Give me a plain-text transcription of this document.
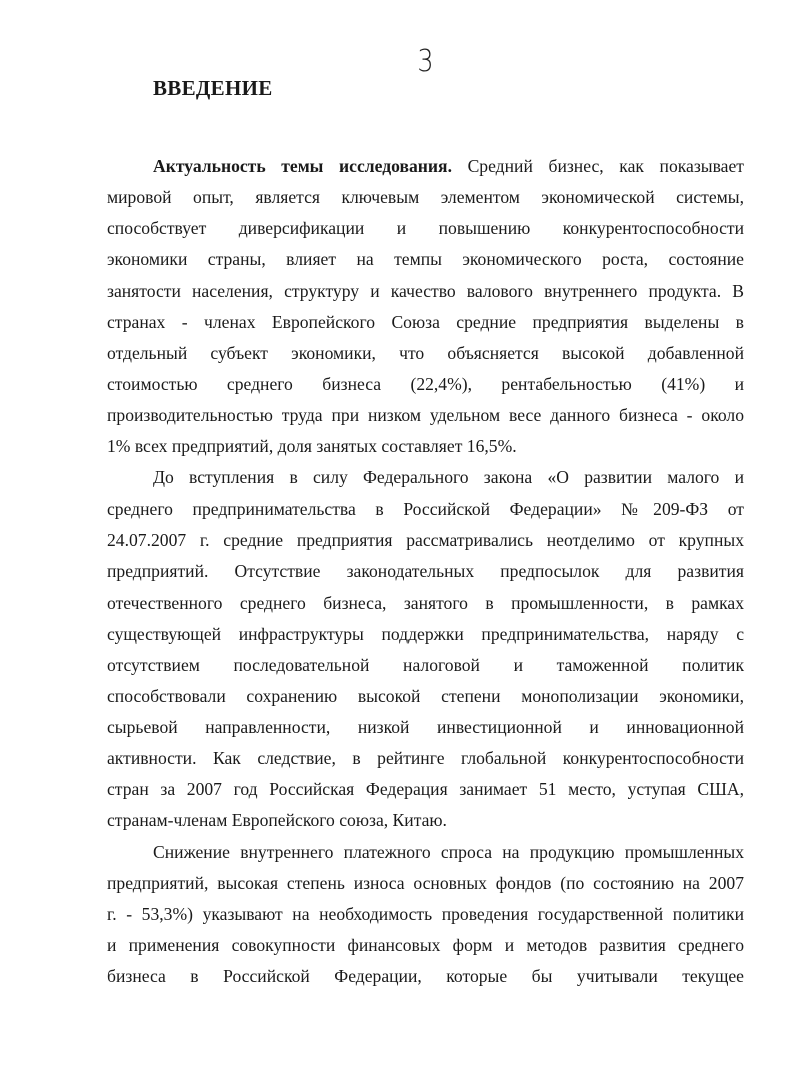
3
ВВЕДЕНИЕ
Актуальность темы исследования. Средний бизнес, как показывает
мировой опыт, является ключевым элементом экономической системы,
способствует диверсификации и повышению конкурентоспособности
экономики страны, влияет на темпы экономического роста, состояние
занятости населения, структуру и качество валового внутреннего продукта. В
странах - членах Европейского Союза средние предприятия выделены в
отдельный субъект экономики, что объясняется высокой добавленной
стоимостью среднего бизнеса (22,4%), рентабельностью (41%) и
производительностью труда при низком удельном весе данного бизнеса - около
1% всех предприятий, доля занятых составляет 16,5%.
До вступления в силу Федерального закона «О развитии малого и
среднего предпринимательства в Российской Федерации» №209-ФЗ от
24.07.2007 г. средние предприятия рассматривались неотделимо от крупных
предприятий. Отсутствие законодательных предпосылок для развития
отечественного среднего бизнеса, занятого в промышленности, в рамках
существующей инфраструктуры поддержки предпринимательства, наряду с
отсутствием последовательной налоговой и таможенной политик
способствовали сохранению высокой степени монополизации экономики,
сырьевой направленности, низкой инвестиционной и инновационной
активности. Как следствие, в рейтинге глобальной конкурентоспособности
стран за 2007 год Российская Федерация занимает 51 место, уступая США,
странам-членам Европейского союза, Китаю.
Снижение внутреннего платежного спроса на продукцию промышленных
предприятий, высокая степень износа основных фондов (по состоянию на 2007
г. - 53,3%) указывают на необходимость проведения государственной политики
и применения совокупности финансовых форм и методов развития среднего
бизнеса в Российской Федерации, которые бы учитывали текущее
